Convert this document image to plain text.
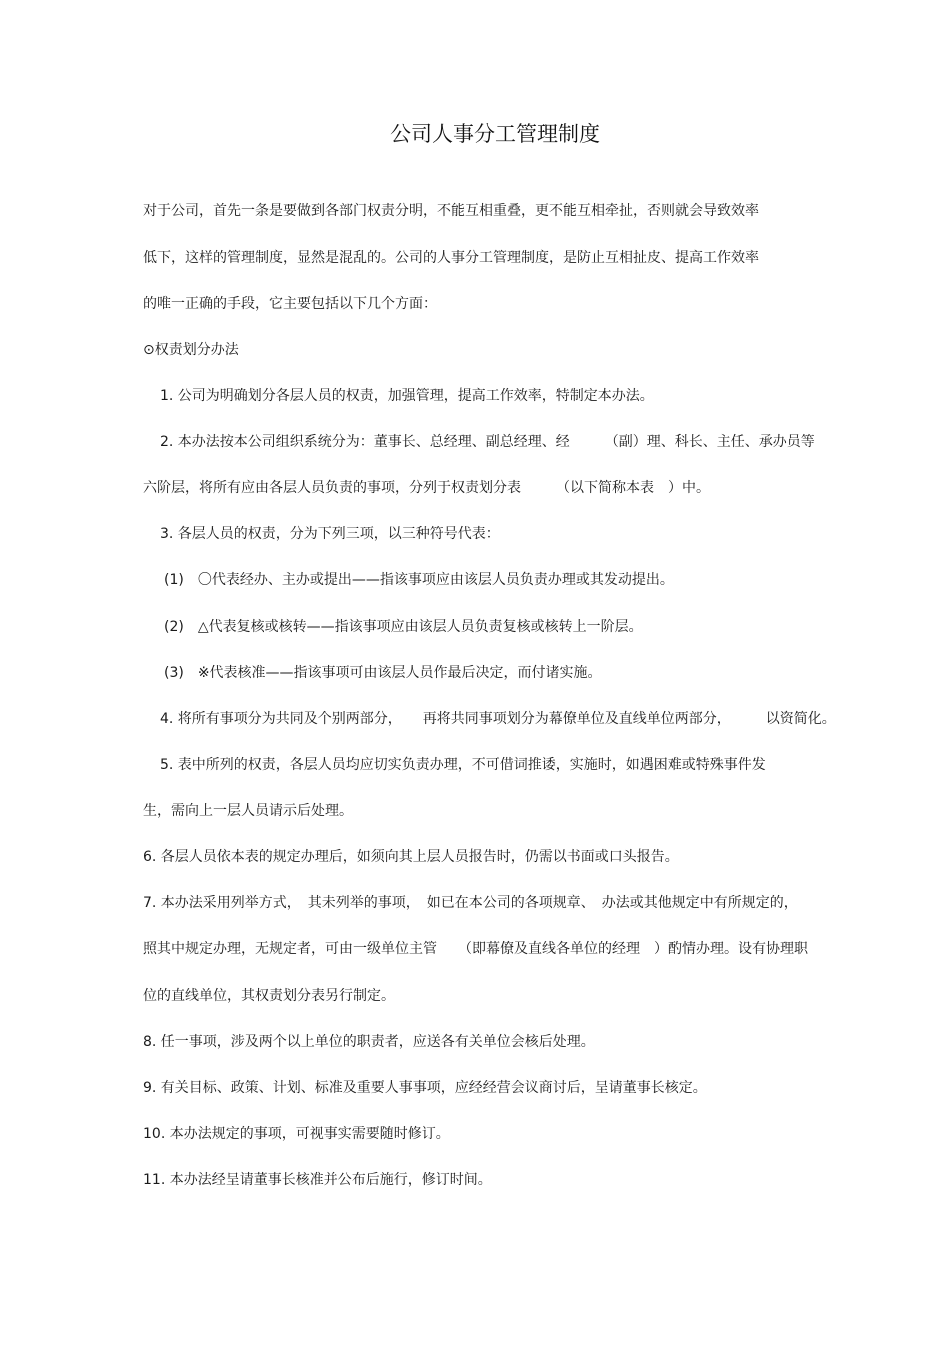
公司人事分工管理制度
对于公司，首先一条是要做到各部门权责分明，不能互相重叠，更不能互相牵扯，否则就会导致效率
低下，这样的管理制度，显然是混乱的。公司的人事分工管理制度，是防止互相扯皮、提高工作效率
的唯一正确的手段，它主要包括以下几个方面：
⊙权责划分办法
1. 公司为明确划分各层人员的权责，加强管理，提高工作效率，特制定本办法。
2. 本办法按本公司组织系统分为：董事长、总经理、副总经理、经　　　（副）理、科长、主任、承办员等
六阶层，将所有应由各层人员负责的事项，分列于权责划分表　　　（以下简称本表　）中。
3. 各层人员的权责，分为下列三项，以三种符号代表：
(1)　〇代表经办、主办或提出——指该事项应由该层人员负责办理或其发动提出。
(2)　△代表复核或核转——指该事项应由该层人员负责复核或核转上一阶层。
(3)　※代表核准——指该事项可由该层人员作最后决定，而付诸实施。
4. 将所有事项分为共同及个别两部分，　　再将共同事项划分为幕僚单位及直线单位两部分，　　　以资简化。
5. 表中所列的权责，各层人员均应切实负责办理，不可借词推诿，实施时，如遇困难或特殊事件发
生，需向上一层人员请示后处理。
6. 各层人员依本表的规定办理后，如须向其上层人员报告时，仍需以书面或口头报告。
7. 本办法采用列举方式，　其未列举的事项，　如已在本公司的各项规章、　办法或其他规定中有所规定的，
照其中规定办理，无规定者，可由一级单位主管　　（即幕僚及直线各单位的经理　）酌情办理。设有协理职
位的直线单位，其权责划分表另行制定。
8. 任一事项，涉及两个以上单位的职责者，应送各有关单位会核后处理。
9. 有关目标、政策、计划、标准及重要人事事项，应经经营会议商讨后，呈请董事长核定。
10. 本办法规定的事项，可视事实需要随时修订。
11. 本办法经呈请董事长核准并公布后施行，修订时间。
